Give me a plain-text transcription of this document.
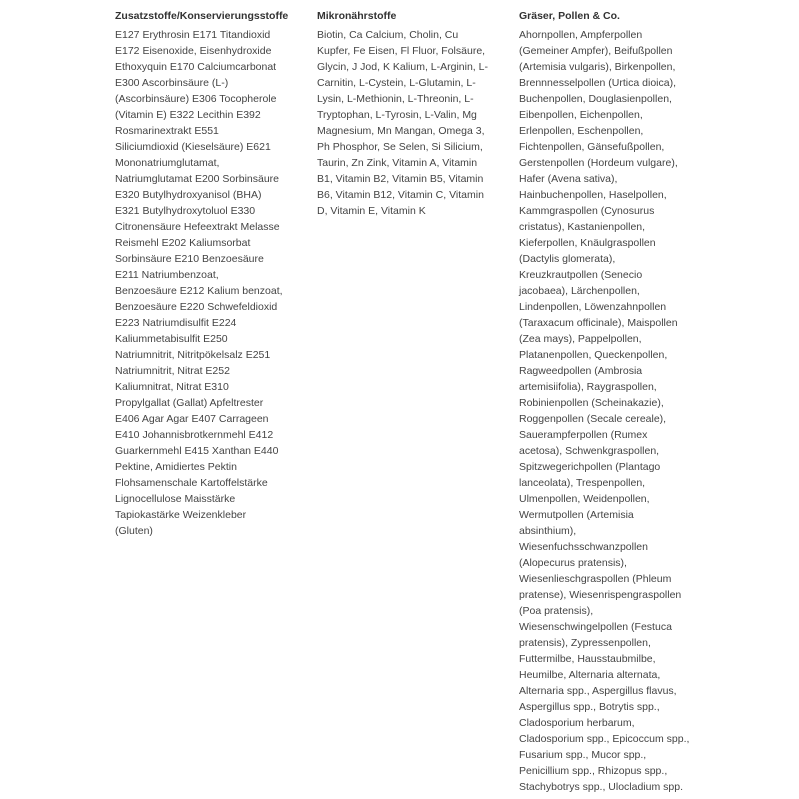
Zusatzstoffe/Konservierungsstoffe

E127 Erythrosin E171 Titandioxid
E172 Eisenoxide, Eisenhydroxide
Ethoxyquin E170 Calciumcarbonat
E300 Ascorbinsäure (L-)
(Ascorbinsäure) E306 Tocopherole
(Vitamin E) E322 Lecithin E392
Rosmarinextrakt E551
Siliciumdioxid (Kieselsäure) E621
Mononatriumglutamat,
Natriumglutamat E200 Sorbinsäure
E320 Butylhydroxyanisol (BHA)
E321 Butylhydroxytoluol E330
Citronensäure Hefeextrakt Melasse
Reismehl E202 Kaliumsorbat
Sorbinsäure E210 Benzoesäure
E211 Natriumbenzoat,
Benzoesäure E212 Kalium benzoat,
Benzoesäure E220 Schwefeldioxid
E223 Natriumdisulfit E224
Kaliummetabisulfit E250
Natriumnitrit, Nitritpökelsalz E251
Natriumnitrit, Nitrat E252
Kaliumnitrat, Nitrat E310
Propylgallat (Gallat) Apfeltrester
E406 Agar Agar E407 Carrageen
E410 Johannisbrotkernmehl E412
Guarkernmehl E415 Xanthan E440
Pektine, Amidiertes Pektin
Flohsamenschale Kartoffelstärke
Lignocellulose Maisstärke
Tapiokastärke Weizenkleber
(Gluten)

Mikronährstoffe

Biotin, Ca Calcium, Cholin, Cu
Kupfer, Fe Eisen, Fl Fluor, Folsäure,
Glycin, J Jod, K Kalium, L-Arginin, L-
Carnitin, L-Cystein, L-Glutamin, L-
Lysin, L-Methionin, L-Threonin, L-
Tryptophan, L-Tyrosin, L-Valin, Mg
Magnesium, Mn Mangan, Omega 3,
Ph Phosphor, Se Selen, Si Silicium,
Taurin, Zn Zink, Vitamin A, Vitamin
B1, Vitamin B2, Vitamin B5, Vitamin
B6, Vitamin B12, Vitamin C, Vitamin
D, Vitamin E, Vitamin K

Gräser, Pollen & Co.

Ahornpollen, Ampferpollen
(Gemeiner Ampfer), Beifußpollen
(Artemisia vulgaris), Birkenpollen,
Brennnesselpollen (Urtica dioica),
Buchenpollen, Douglasienpollen,
Eibenpollen, Eichenpollen,
Erlenpollen, Eschenpollen,
Fichtenpollen, Gänsefußpollen,
Gerstenpollen (Hordeum vulgare),
Hafer (Avena sativa),
Hainbuchenpollen, Haselpollen,
Kammgraspollen (Cynosurus
cristatus), Kastanienpollen,
Kieferpollen, Knäulgraspollen
(Dactylis glomerata),
Kreuzkrautpollen (Senecio
jacobaea), Lärchenpollen,
Lindenpollen, Löwenzahnpollen
(Taraxacum officinale), Maispollen
(Zea mays), Pappelpollen,
Platanenpollen, Queckenpollen,
Ragweedpollen (Ambrosia
artemisiifolia), Raygraspollen,
Robinienpollen (Scheinakazie),
Roggenpollen (Secale cereale),
Sauerampferpollen (Rumex
acetosa), Schwenkgraspollen,
Spitzwegerichpollen (Plantago
lanceolata), Trespenpollen,
Ulmenpollen, Weidenpollen,
Wermutpollen (Artemisia
absinthium),
Wiesenfuchsschwanzpollen
(Alopecurus pratensis),
Wiesenlieschgraspollen (Phleum
pratense), Wiesenrispengraspollen
(Poa pratensis),
Wiesenschwingelpollen (Festuca
pratensis), Zypressenpollen,
Futtermilbe, Hausstaubmilbe,
Heumilbe, Alternaria alternata,
Alternaria spp., Aspergillus flavus,
Aspergillus spp., Botrytis spp.,
Cladosporium herbarum,
Cladosporium spp., Epicoccum spp.,
Fusarium spp., Mucor spp.,
Penicillium spp., Rhizopus spp.,
Stachybotrys spp., Ulocladium spp.
